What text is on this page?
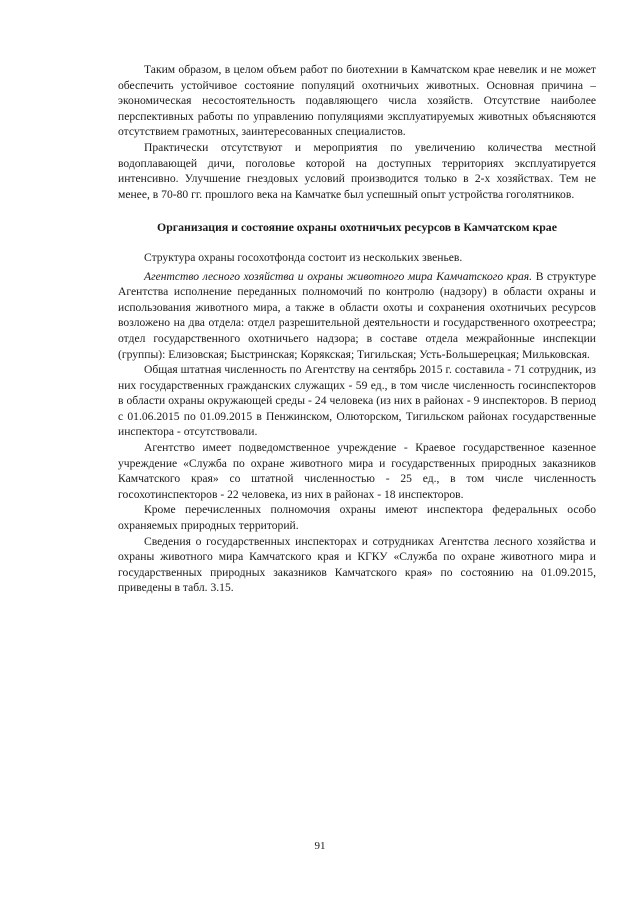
Таким образом, в целом объем работ по биотехнии в Камчатском крае невелик и не может обеспечить устойчивое состояние популяций охотничьих животных. Основная причина – экономическая несостоятельность подавляющего числа хозяйств. Отсутствие наиболее перспективных работы по управлению популяциями эксплуатируемых животных объясняются отсутствием грамотных, заинтересованных специалистов.

Практически отсутствуют и мероприятия по увеличению количества местной водоплавающей дичи, поголовье которой на доступных территориях эксплуатируется интенсивно. Улучшение гнездовых условий производится только в 2-х хозяйствах. Тем не менее, в 70-80 гг. прошлого века на Камчатке был успешный опыт устройства гоголятников.

Организация и состояние охраны охотничьих ресурсов в Камчатском крае

Структура охраны госохотфонда состоит из нескольких звеньев.

Агентство лесного хозяйства и охраны животного мира Камчатского края. В структуре Агентства исполнение переданных полномочий по контролю (надзору) в области охраны и использования животного мира, а также в области охоты и сохранения охотничьих ресурсов возложено на два отдела: отдел разрешительной деятельности и государственного охотреестра; отдел государственного охотничьего надзора; в составе отдела межрайонные инспекции (группы): Елизовская; Быстринская; Корякская; Тигильская; Усть-Большерецкая; Мильковская.

Общая штатная численность по Агентству на сентябрь 2015 г. составила - 71 сотрудник, из них государственных гражданских служащих - 59 ед., в том числе численность госинспекторов в области охраны окружающей среды - 24 человека (из них в районах - 9 инспекторов. В период с 01.06.2015 по 01.09.2015 в Пенжинском, Олюторском, Тигильском районах государственные инспектора - отсутствовали.

Агентство имеет подведомственное учреждение - Краевое государственное казенное учреждение «Служба по охране животного мира и государственных природных заказников Камчатского края» со штатной численностью - 25 ед., в том числе численность госохотинспекторов - 22 человека, из них в районах - 18 инспекторов.

Кроме перечисленных полномочия охраны имеют инспектора федеральных особо охраняемых природных территорий.

Сведения о государственных инспекторах и сотрудниках Агентства лесного хозяйства и охраны животного мира Камчатского края и КГКУ «Служба по охране животного мира и государственных природных заказников Камчатского края» по состоянию на 01.09.2015, приведены в табл. 3.15.

91
